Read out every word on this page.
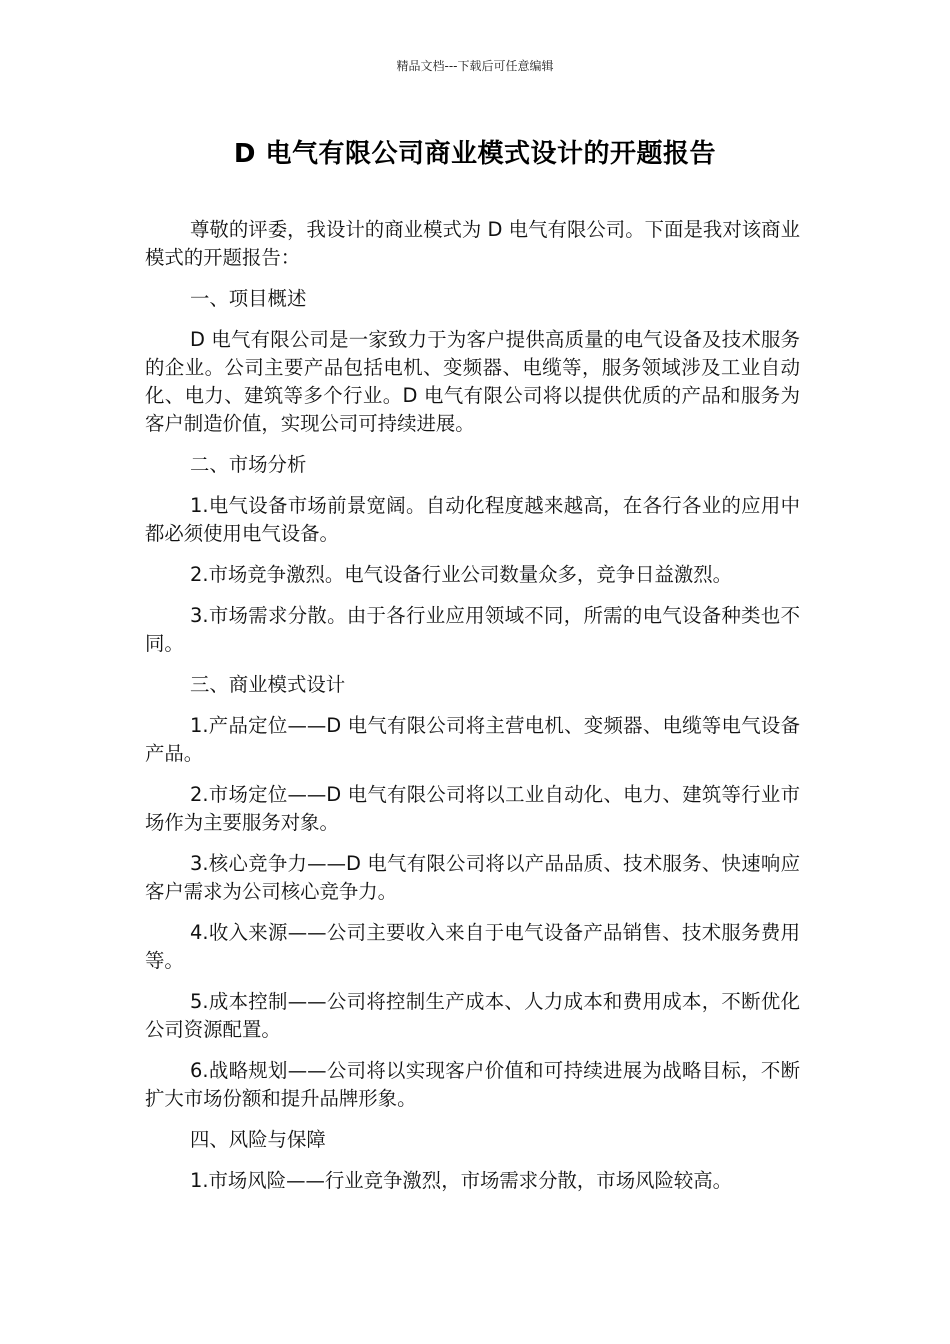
精品文档---下载后可任意编辑
D 电气有限公司商业模式设计的开题报告

尊敬的评委，我设计的商业模式为 D 电气有限公司。下面是我对该商业模式的开题报告：

一、项目概述

D 电气有限公司是一家致力于为客户提供高质量的电气设备及技术服务的企业。公司主要产品包括电机、变频器、电缆等，服务领域涉及工业自动化、电力、建筑等多个行业。D 电气有限公司将以提供优质的产品和服务为客户制造价值，实现公司可持续进展。

二、市场分析

1.电气设备市场前景宽阔。自动化程度越来越高，在各行各业的应用中都必须使用电气设备。

2.市场竞争激烈。电气设备行业公司数量众多，竞争日益激烈。

3.市场需求分散。由于各行业应用领域不同，所需的电气设备种类也不同。

三、商业模式设计

1.产品定位——D 电气有限公司将主营电机、变频器、电缆等电气设备产品。

2.市场定位——D 电气有限公司将以工业自动化、电力、建筑等行业市场作为主要服务对象。

3.核心竞争力——D 电气有限公司将以产品品质、技术服务、快速响应客户需求为公司核心竞争力。

4.收入来源——公司主要收入来自于电气设备产品销售、技术服务费用等。

5.成本控制——公司将控制生产成本、人力成本和费用成本，不断优化公司资源配置。

6.战略规划——公司将以实现客户价值和可持续进展为战略目标，不断扩大市场份额和提升品牌形象。

四、风险与保障

1.市场风险——行业竞争激烈，市场需求分散，市场风险较高。
